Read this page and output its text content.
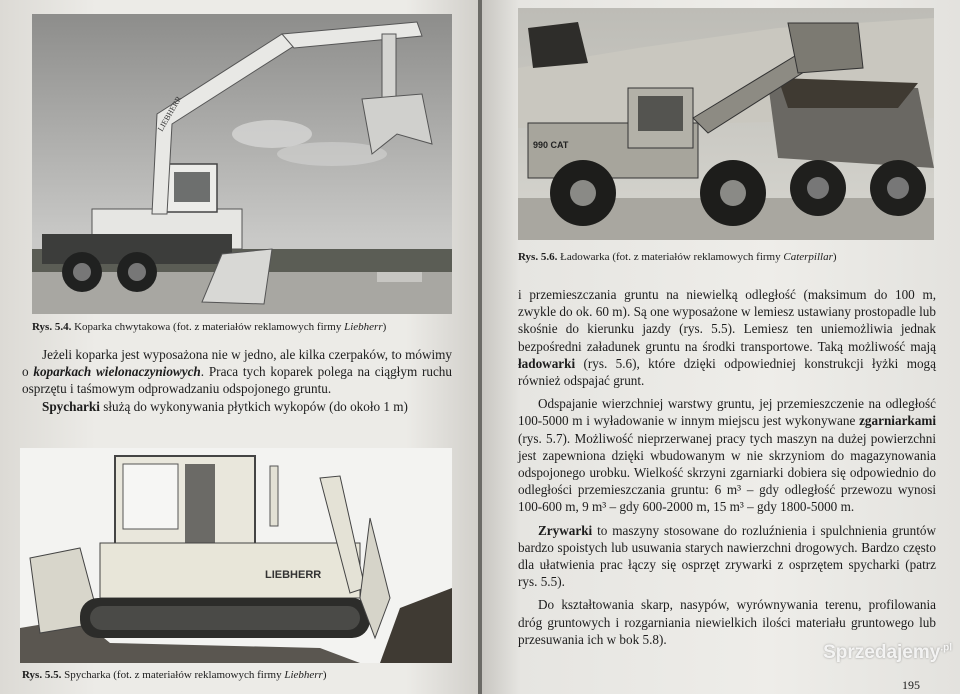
LIEBHERR
Rys. 5.4. Koparka chwytakowa (fot. z materiałów reklamowych firmy Liebherr)

Jeżeli koparka jest wyposażona nie w jedno, ale kilka czerpaków, to mówimy o koparkach wielonaczyniowych. Praca tych koparek polega na ciągłym ruchu osprzętu i taśmowym odprowadzaniu odspojonego gruntu.

Spycharki służą do wykonywania płytkich wykopów (do około 1 m)

LIEBHERR
Rys. 5.5. Spycharka (fot. z materiałów reklamowych firmy Liebherr)
990 CAT
Rys. 5.6. Ładowarka (fot. z materiałów reklamowych firmy Caterpillar)

i przemieszczania gruntu na niewielką odległość (maksimum do 100 m, zwykle do ok. 60 m). Są one wyposażone w lemiesz ustawiany prostopadle lub skośnie do kierunku jazdy (rys. 5.5). Lemiesz ten uniemożliwia jednak bezpośredni załadunek gruntu na środki transportowe. Taką możliwość mają ładowarki (rys. 5.6), które dzięki odpowiedniej konstrukcji łyżki mogą również odspajać grunt.

Odspajanie wierzchniej warstwy gruntu, jej przemieszczenie na odległość 100-5000 m i wyładowanie w innym miejscu jest wykonywane zgarniarkami (rys. 5.7). Możliwość nieprzerwanej pracy tych maszyn na dużej powierzchni jest zapewniona dzięki wbudowanym w nie skrzyniom do magazynowania odspojonego urobku. Wielkość skrzyni zgarniarki dobiera się odpowiednio do odległości przemieszczania gruntu: 6 m³ – gdy odległość przewozu wynosi 100-600 m, 9 m³ – gdy 600-2000 m, 15 m³ – gdy 1800-5000 m.

Zrywarki to maszyny stosowane do rozluźnienia i spulchnienia gruntów bardzo spoistych lub usuwania starych nawierzchni drogowych. Bardzo często dla ułatwienia prac łączy się osprzęt zrywarki z osprzętem spycharki (patrz rys. 5.5).

Do kształtowania skarp, nasypów, wyrównywania terenu, profilowania dróg gruntowych i rozgarniania niewielkich ilości materiału gruntowego lub przesuwania ich w bok 5.8).

195
Sprzedajemy$^{.pl}$
